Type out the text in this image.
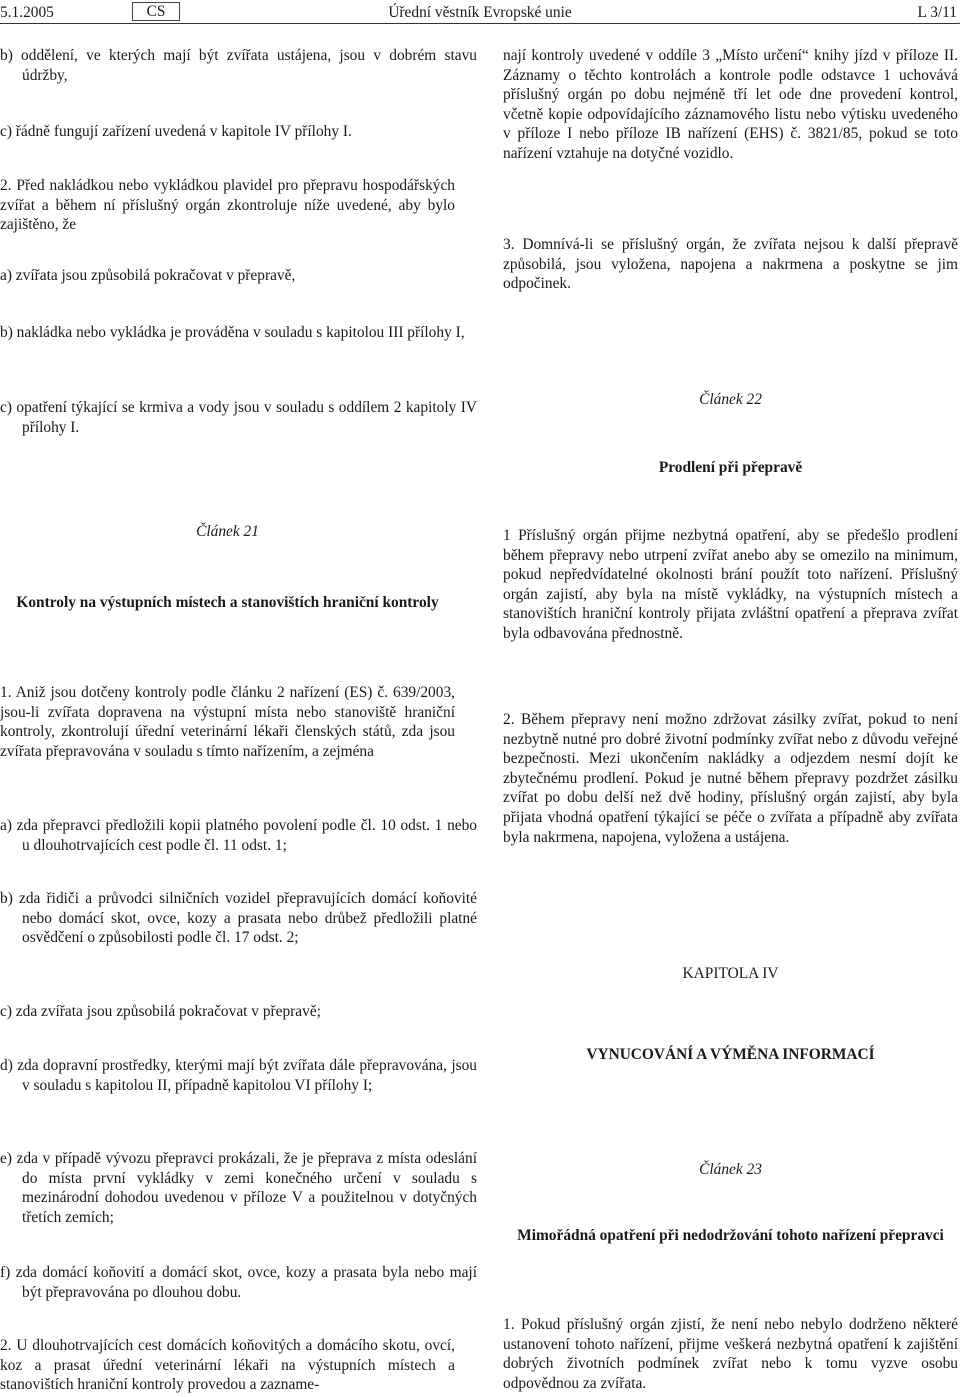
5.1.2005	CS	Úřední věstník Evropské unie	L 3/11

b) oddělení, ve kterých mají být zvířata ustájena, jsou v dobrém stavu údržby,

c) řádně fungují zařízení uvedená v kapitole IV přílohy I.

2. Před nakládkou nebo vykládkou plavidel pro přepravu hospodářských zvířat a během ní příslušný orgán zkontroluje níže uvedené, aby bylo zajištěno, že

a) zvířata jsou způsobilá pokračovat v přepravě,

c) opatření týkající se krmiva a vody jsou v souladu s oddílem 2 kapitoly IV přílohy I.

Článek 21

Kontroly na výstupních místech a stanovištích hraniční kontroly

1. Aniž jsou dotčeny kontroly podle článku 2 nařízení (ES) č. 639/2003, jsou-li zvířata dopravena na výstupní místa nebo stanoviště hraniční kontroly, zkontrolují úřední veterinární lékaři členských států, zda jsou zvířata přepravována v souladu s tímto nařízením, a zejména

a) zda přepravci předložili kopii platného povolení podle čl. 10 odst. 1 nebo u dlouhotrvajících cest podle čl. 11 odst. 1;

b) zda řidiči a průvodci silničních vozidel přepravujících domácí koňovité nebo domácí skot, ovce, kozy a prasata nebo drůbež předložili platné osvědčení o způsobilosti podle čl. 17 odst. 2;

c) zda zvířata jsou způsobilá pokračovat v přepravě;

d) zda dopravní prostředky, kterými mají být zvířata dále přepravována, jsou v souladu s kapitolou II, případně kapitolou VI přílohy I;

e) zda v případě vývozu přepravci prokázali, že je přeprava z místa odeslání do místa první vykládky v zemi konečného určení v souladu s mezinárodní dohodou uvedenou v příloze V a použitelnou v dotyčných třetích zemích;

f) zda domácí koňovití a domácí skot, ovce, kozy a prasata byla nebo mají být přepravována po dlouhou dobu.

2. U dlouhotrvajících cest domácích koňovitých a domácího skotu, ovcí, koz a prasat úřední veterinární lékaři na výstupních místech a stanovištích hraniční kontroly provedou a zazname-

nají kontroly uvedené v oddíle 3 „Místo určení“ knihy jízd v příloze II. Záznamy o těchto kontrolách a kontrole podle odstavce 1 uchovává příslušný orgán po dobu nejméně tří let ode dne provedení kontrol, včetně kopie odpovídajícího záznamového listu nebo výtisku uvedeného v příloze I nebo příloze IB nařízení (EHS) č. 3821/85, pokud se toto nařízení vztahuje na dotyčné vozidlo.

3. Domnívá-li se příslušný orgán, že zvířata nejsou k další přepravě způsobilá, jsou vyložena, napojena a nakrmena a poskytne se jim odpočinek.

Článek 22

Prodlení při přepravě

1 Příslušný orgán přijme nezbytná opatření, aby se předešlo prodlení během přepravy nebo utrpení zvířat anebo aby se omezilo na minimum, pokud nepředvídatelné okolnosti brání použít toto nařízení. Příslušný orgán zajistí, aby byla na místě vykládky, na výstupních místech a stanovištích hraniční kontroly přijata zvláštní opatření a přeprava zvířat byla odbavována přednostně.

2. Během přepravy není možno zdržovat zásilky zvířat, pokud to není nezbytně nutné pro dobré životní podmínky zvířat nebo z důvodu veřejné bezpečnosti. Mezi ukončením nakládky a odjezdem nesmí dojít ke zbytečnému prodlení. Pokud je nutné během přepravy pozdržet zásilku zvířat po dobu delší než dvě hodiny, příslušný orgán zajistí, aby byla přijata vhodná opatření týkající se péče o zvířata a případně aby zvířata byla nakrmena, napojena, vyložena a ustájena.

KAPITOLA IV

VYNUCOVÁNÍ A VÝMĚNA INFORMACÍ

Článek 23

Mimořádná opatření při nedodržování tohoto nařízení přepravci

1. Pokud příslušný orgán zjistí, že není nebo nebylo dodrženo některé ustanovení tohoto nařízení, přijme veškerá nezbytná opatření k zajištění dobrých životních podmínek zvířat nebo k tomu vyzve osobu odpovědnou za zvířata.

b) nakládka nebo vykládka je prováděna v souladu s kapitolou III přílohy I,
